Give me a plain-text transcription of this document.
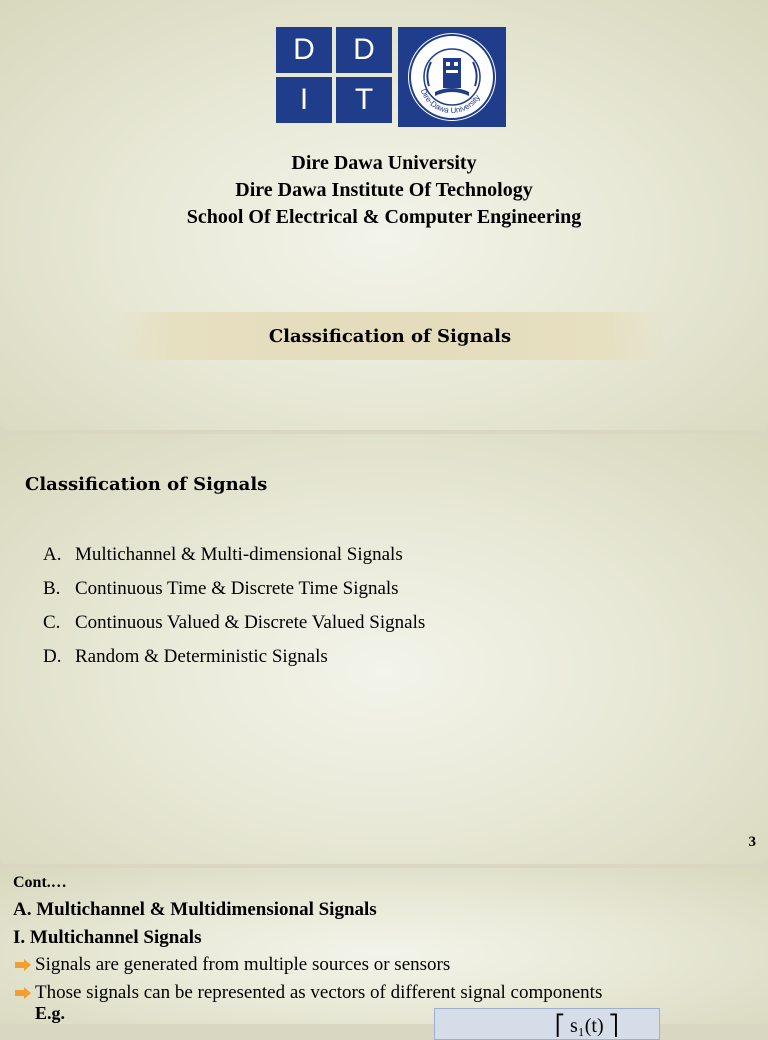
D	D
I	T	Dire-Dawa University
Dire Dawa University
Dire Dawa Institute Of Technology
School Of Electrical & Computer Engineering
Classification of Signals
Classification of Signals
A. Multichannel & Multi-dimensional Signals
B. Continuous Time & Discrete Time Signals
C. Continuous Valued & Discrete Valued Signals
D. Random & Deterministic Signals
3
Cont.…
A. Multichannel & Multidimensional Signals
I. Multichannel Signals
Signals are generated from multiple sources or sensors
Those signals can be represented as vectors of different signal components
E.g.
⎡ s₁(t) ⎤
